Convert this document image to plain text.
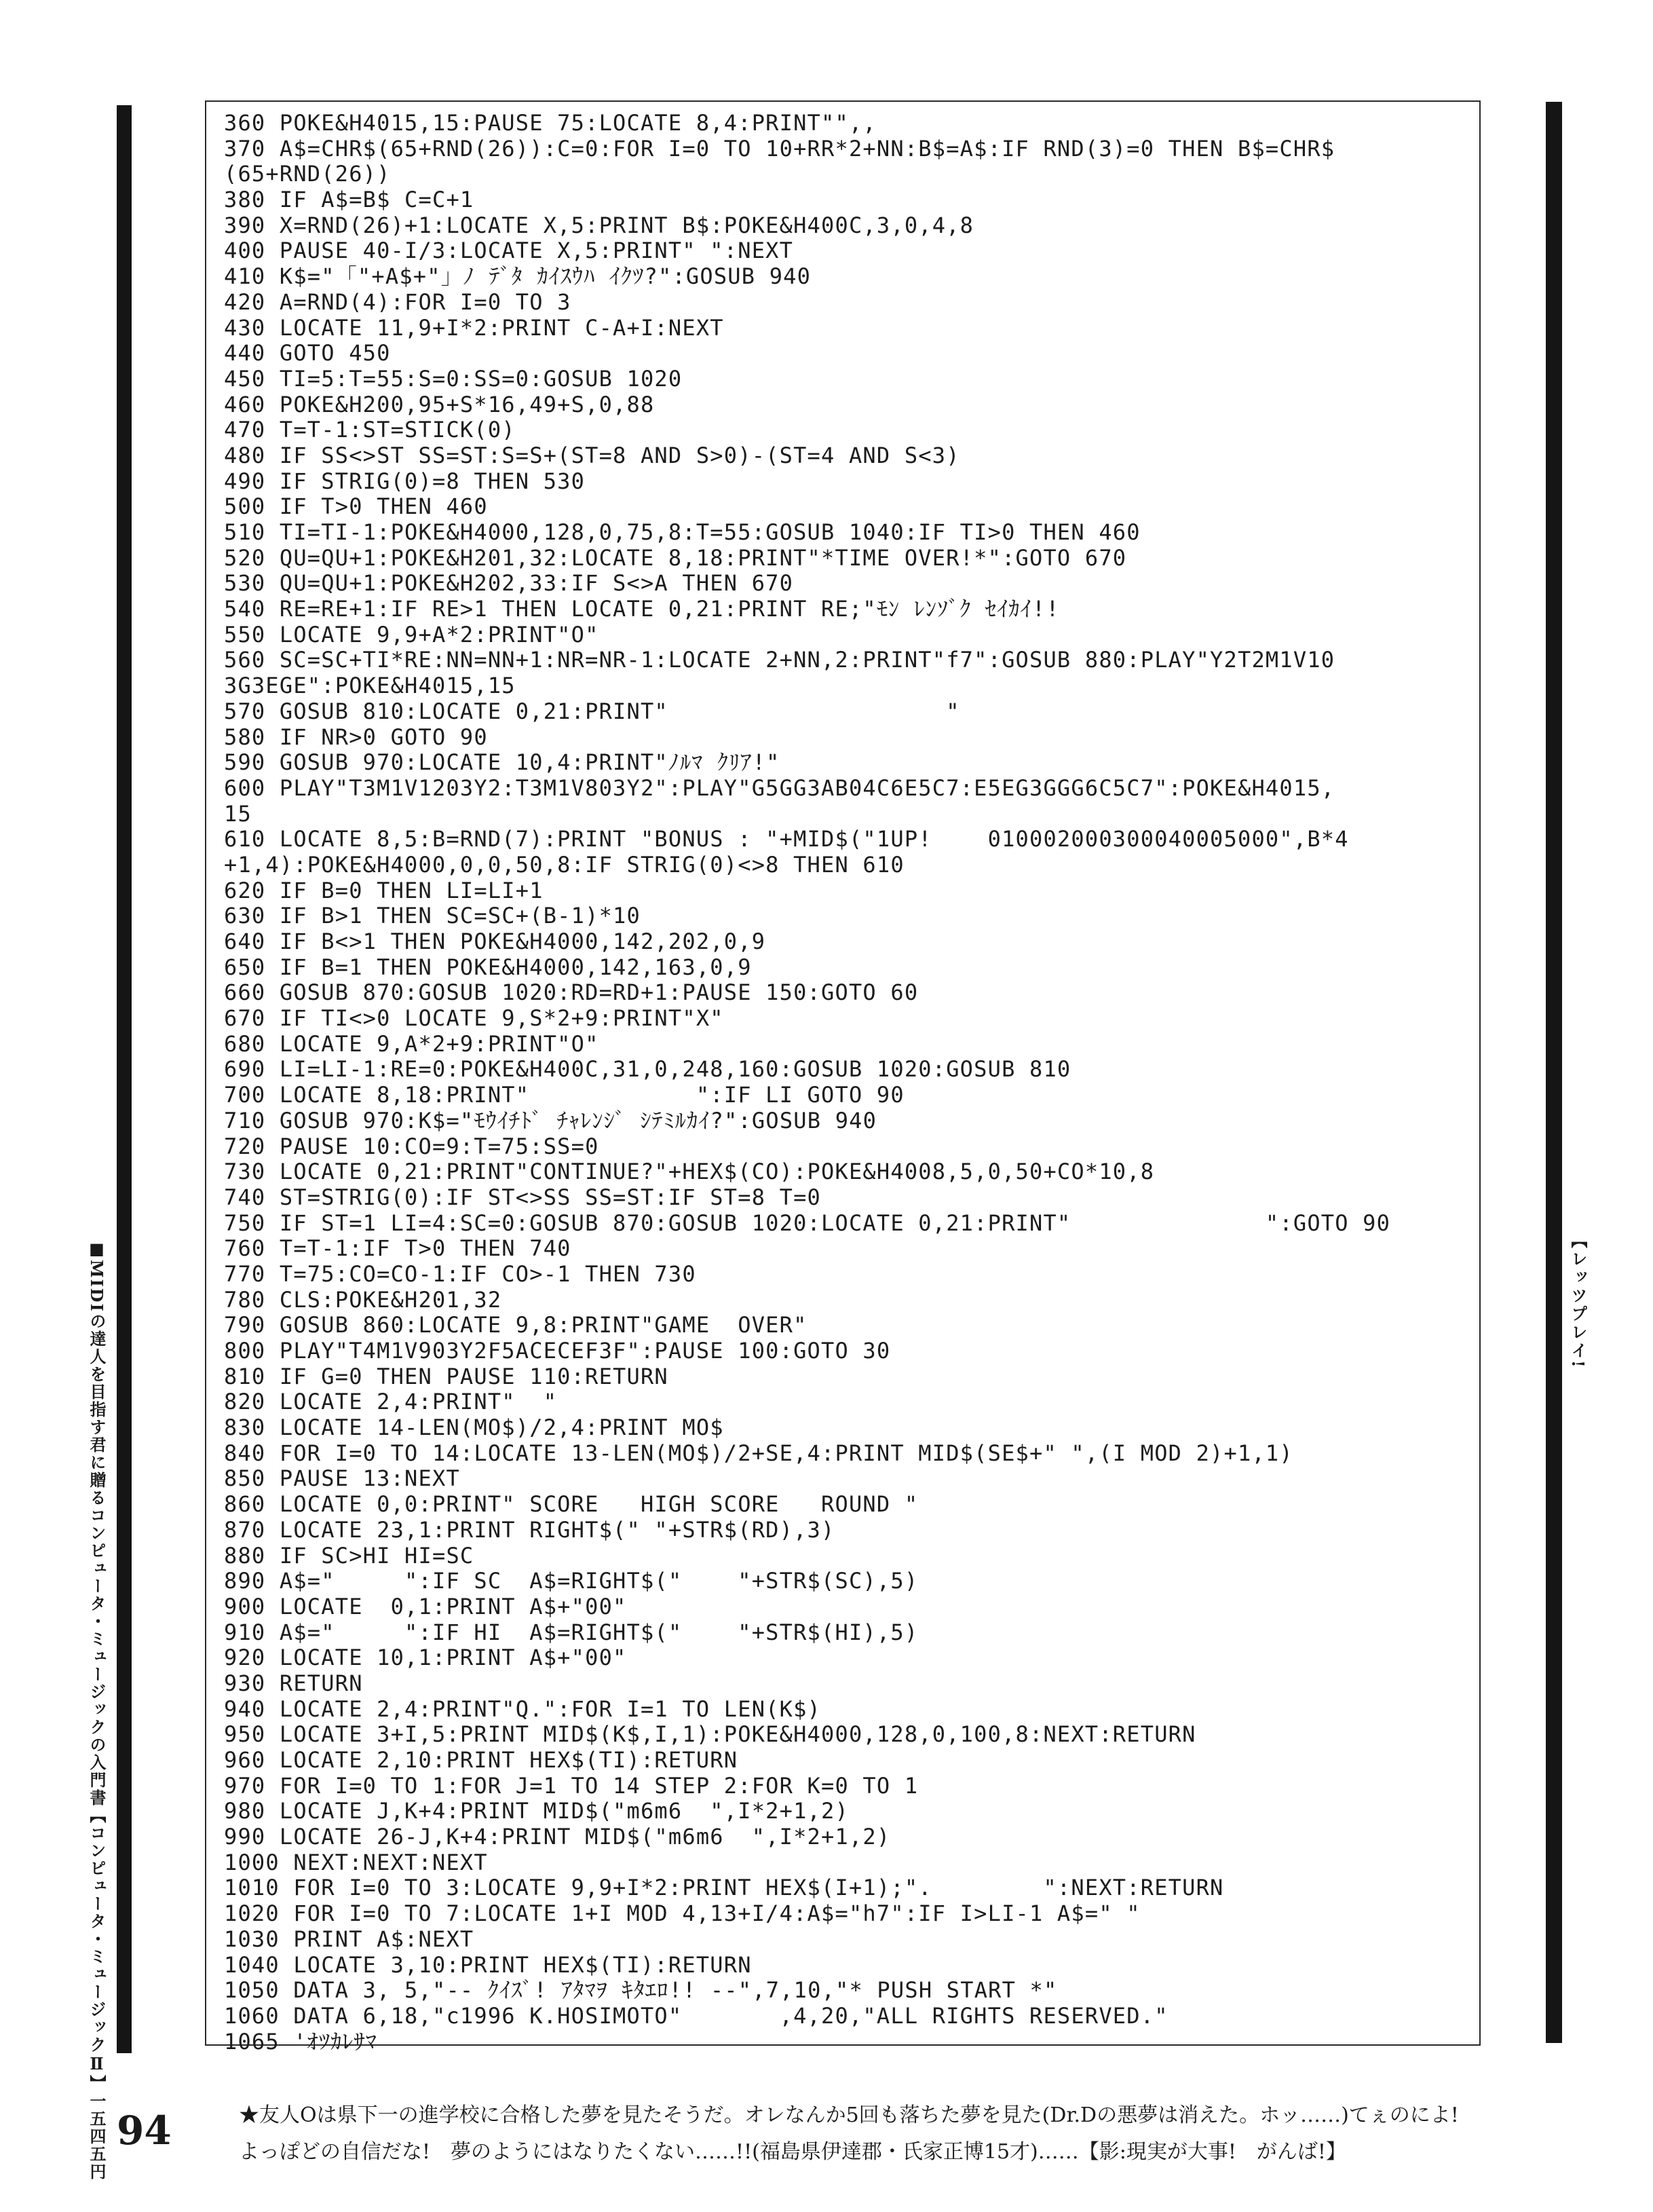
360 POKE&H4015,15:PAUSE 75:LOCATE 8,4:PRINT"",,
370 A$=CHR$(65+RND(26)):C=0:FOR I=0 TO 10+RR*2+NN:B$=A$:IF RND(3)=0 THEN B$=CHR$
(65+RND(26))
380 IF A$=B$ C=C+1
390 X=RND(26)+1:LOCATE X,5:PRINT B$:POKE&H400C,3,0,4,8
400 PAUSE 40-I/3:LOCATE X,5:PRINT" ":NEXT
410 K$="「"+A$+"」ﾉ ﾃﾞﾀ ｶｲｽｳﾊ ｲｸﾂ?":GOSUB 940
420 A=RND(4):FOR I=0 TO 3
430 LOCATE 11,9+I*2:PRINT C-A+I:NEXT
440 GOTO 450
450 TI=5:T=55:S=0:SS=0:GOSUB 1020
460 POKE&H200,95+S*16,49+S,0,88
470 T=T-1:ST=STICK(0)
480 IF SS<>ST SS=ST:S=S+(ST=8 AND S>0)-(ST=4 AND S<3)
490 IF STRIG(0)=8 THEN 530
500 IF T>0 THEN 460
510 TI=TI-1:POKE&H4000,128,0,75,8:T=55:GOSUB 1040:IF TI>0 THEN 460
520 QU=QU+1:POKE&H201,32:LOCATE 8,18:PRINT"*TIME OVER!*":GOTO 670
530 QU=QU+1:POKE&H202,33:IF S<>A THEN 670
540 RE=RE+1:IF RE>1 THEN LOCATE 0,21:PRINT RE;"ﾓﾝ ﾚﾝｿﾞｸ ｾｲｶｲ!!
550 LOCATE 9,9+A*2:PRINT"O"
560 SC=SC+TI*RE:NN=NN+1:NR=NR-1:LOCATE 2+NN,2:PRINT"f7":GOSUB 880:PLAY"Y2T2M1V10
3G3EGE":POKE&H4015,15
570 GOSUB 810:LOCATE 0,21:PRINT"                    "
580 IF NR>0 GOTO 90
590 GOSUB 970:LOCATE 10,4:PRINT"ﾉﾙﾏ ｸﾘｱ!"
600 PLAY"T3M1V1203Y2:T3M1V803Y2":PLAY"G5GG3AB04C6E5C7:E5EG3GGG6C5C7":POKE&H4015,
15
610 LOCATE 8,5:B=RND(7):PRINT "BONUS : "+MID$("1UP!    010002000300040005000",B*4
+1,4):POKE&H4000,0,0,50,8:IF STRIG(0)<>8 THEN 610
620 IF B=0 THEN LI=LI+1
630 IF B>1 THEN SC=SC+(B-1)*10
640 IF B<>1 THEN POKE&H4000,142,202,0,9
650 IF B=1 THEN POKE&H4000,142,163,0,9
660 GOSUB 870:GOSUB 1020:RD=RD+1:PAUSE 150:GOTO 60
670 IF TI<>0 LOCATE 9,S*2+9:PRINT"X"
680 LOCATE 9,A*2+9:PRINT"O"
690 LI=LI-1:RE=0:POKE&H400C,31,0,248,160:GOSUB 1020:GOSUB 810
700 LOCATE 8,18:PRINT"            ":IF LI GOTO 90
710 GOSUB 970:K$="ﾓｳｲﾁﾄﾞ ﾁｬﾚﾝｼﾞ ｼﾃﾐﾙｶｲ?":GOSUB 940
720 PAUSE 10:CO=9:T=75:SS=0
730 LOCATE 0,21:PRINT"CONTINUE?"+HEX$(CO):POKE&H4008,5,0,50+CO*10,8
740 ST=STRIG(0):IF ST<>SS SS=ST:IF ST=8 T=0
750 IF ST=1 LI=4:SC=0:GOSUB 870:GOSUB 1020:LOCATE 0,21:PRINT"              ":GOTO 90
760 T=T-1:IF T>0 THEN 740
770 T=75:CO=CO-1:IF CO>-1 THEN 730
780 CLS:POKE&H201,32
790 GOSUB 860:LOCATE 9,8:PRINT"GAME  OVER"
800 PLAY"T4M1V903Y2F5ACECEF3F":PAUSE 100:GOTO 30
810 IF G=0 THEN PAUSE 110:RETURN
820 LOCATE 2,4:PRINT"  "
830 LOCATE 14-LEN(MO$)/2,4:PRINT MO$
840 FOR I=0 TO 14:LOCATE 13-LEN(MO$)/2+SE,4:PRINT MID$(SE$+" ",(I MOD 2)+1,1)
850 PAUSE 13:NEXT
860 LOCATE 0,0:PRINT" SCORE   HIGH SCORE   ROUND "
870 LOCATE 23,1:PRINT RIGHT$(" "+STR$(RD),3)
880 IF SC>HI HI=SC
890 A$="     ":IF SC  A$=RIGHT$("    "+STR$(SC),5)
900 LOCATE  0,1:PRINT A$+"00"
910 A$="     ":IF HI  A$=RIGHT$("    "+STR$(HI),5)
920 LOCATE 10,1:PRINT A$+"00"
930 RETURN
940 LOCATE 2,4:PRINT"Q.":FOR I=1 TO LEN(K$)
950 LOCATE 3+I,5:PRINT MID$(K$,I,1):POKE&H4000,128,0,100,8:NEXT:RETURN
960 LOCATE 2,10:PRINT HEX$(TI):RETURN
970 FOR I=0 TO 1:FOR J=1 TO 14 STEP 2:FOR K=0 TO 1
980 LOCATE J,K+4:PRINT MID$("m6m6  ",I*2+1,2)
990 LOCATE 26-J,K+4:PRINT MID$("m6m6  ",I*2+1,2)
1000 NEXT:NEXT:NEXT
1010 FOR I=0 TO 3:LOCATE 9,9+I*2:PRINT HEX$(I+1);".        ":NEXT:RETURN
1020 FOR I=0 TO 7:LOCATE 1+I MOD 4,13+I/4:A$="h7":IF I>LI-1 A$=" "
1030 PRINT A$:NEXT
1040 LOCATE 3,10:PRINT HEX$(TI):RETURN
1050 DATA 3, 5,"-- ｸｲｽﾞ! ｱﾀﾏｦ ｷﾀｴﾛ!! --",7,10,"* PUSH START *"
1060 DATA 6,18,"c1996 K.HOSIMOTO"       ,4,20,"ALL RIGHTS RESERVED."
1065 'ｵﾂｶﾚｻﾏ
■MIDIの達人を目指す君に贈るコンピュータ・ミュージックの入門書【コンピュータ・ミュージックⅡ】一五四五円	【レッツプレイ!
94	★友人Oは県下一の進学校に合格した夢を見たそうだ。オレなんか5回も落ちた夢を見た(Dr.Dの悪夢は消えた。ホッ……)てぇのによ!
よっぽどの自信だな!　夢のようにはなりたくない……!!(福島県伊達郡・氏家正博15才)……【影:現実が大事!　がんば!】
